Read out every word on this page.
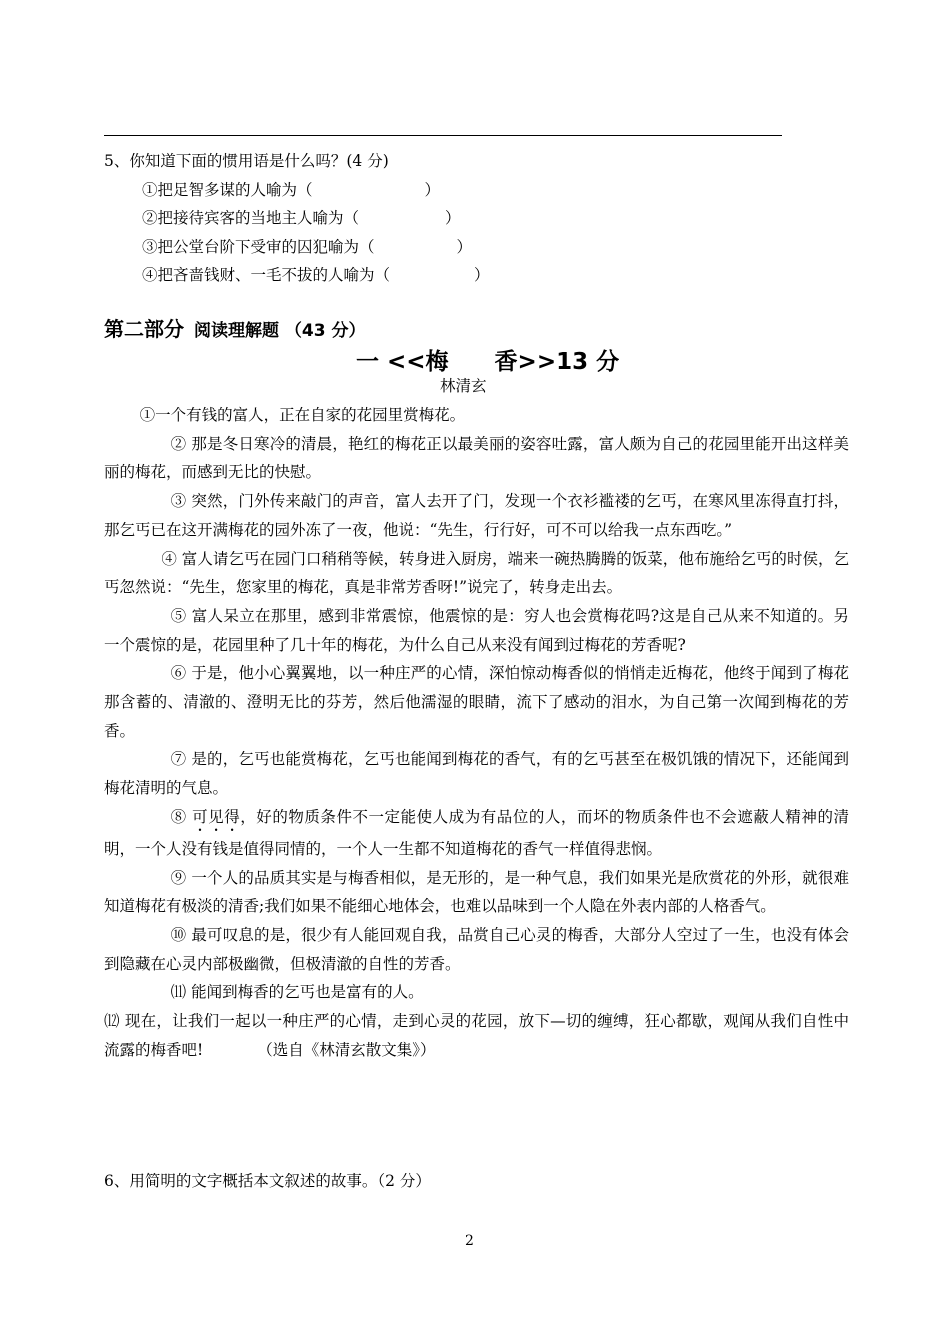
5、你知道下面的惯用语是什么吗？(4 分)
①把足智多谋的人喻为（	）
②把接待宾客的当地主人喻为（	）
③把公堂台阶下受审的囚犯喻为（	）
④把吝啬钱财、一毛不拔的人喻为（	）
第二部分 阅读理解题 （43 分）
一 <<梅　　香>>13 分
林清玄

①一个有钱的富人，正在自家的花园里赏梅花。

② 那是冬日寒冷的清晨，艳红的梅花正以最美丽的姿容吐露，富人颇为自己的花园里能开出这样美丽的梅花，而感到无比的快慰。

③ 突然，门外传来敲门的声音，富人去开了门，发现一个衣衫褴褛的乞丐，在寒风里冻得直打抖，那乞丐已在这开满梅花的园外冻了一夜，他说：“先生，行行好，可不可以给我一点东西吃。”

④ 富人请乞丐在园门口稍稍等候，转身进入厨房，端来一碗热腾腾的饭菜，他布施给乞丐的时侯，乞丐忽然说：“先生，您家里的梅花，真是非常芳香呀!”说完了，转身走出去。

⑤ 富人呆立在那里，感到非常震惊，他震惊的是：穷人也会赏梅花吗?这是自己从来不知道的。另一个震惊的是，花园里种了几十年的梅花，为什么自己从来没有闻到过梅花的芳香呢?

⑥ 于是，他小心翼翼地，以一种庄严的心情，深怕惊动梅香似的悄悄走近梅花，他终于闻到了梅花那含蓄的、清澈的、澄明无比的芬芳，然后他濡湿的眼睛，流下了感动的泪水，为自己第一次闻到梅花的芳香。

⑦ 是的，乞丐也能赏梅花，乞丐也能闻到梅花的香气，有的乞丐甚至在极饥饿的情况下，还能闻到梅花清明的气息。

⑧ 可见得，好的物质条件不一定能使人成为有品位的人，而坏的物质条件也不会遮蔽人精神的清明，一个人没有钱是值得同情的，一个人一生都不知道梅花的香气一样值得悲悯。

⑨ 一个人的品质其实是与梅香相似，是无形的，是一种气息，我们如果光是欣赏花的外形，就很难知道梅花有极淡的清香;我们如果不能细心地体会，也难以品味到一个人隐在外表内部的人格香气。

⑩ 最可叹息的是，很少有人能回观自我，品赏自己心灵的梅香，大部分人空过了一生，也没有体会到隐藏在心灵内部极幽微，但极清澈的自性的芳香。

⑾ 能闻到梅香的乞丐也是富有的人。

⑿ 现在，让我们一起以一种庄严的心情，走到心灵的花园，放下—切的缠缚，狂心都歇，观闻从我们自性中流露的梅香吧!	（选自《林清玄散文集》）

6、用简明的文字概括本文叙述的故事。（2 分）
2
